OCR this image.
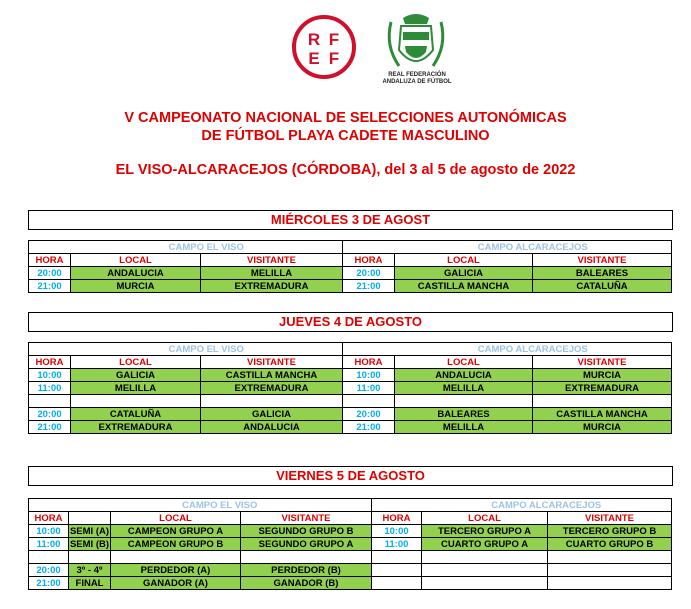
R F
E F
REAL FEDERACIÓN
ANDALUZA DE FÚTBOL
V CAMPEONATO NACIONAL DE SELECCIONES AUTONÓMICAS
DE FÚTBOL PLAYA CADETE MASCULINO
EL VISO-ALCARACEJOS (CÓRDOBA), del 3 al 5 de agosto de 2022
MIÉRCOLES 3 DE AGOST
	CAMPO EL VISO			CAMPO ALCARACEJOS	
HORA	LOCAL	VISITANTE	HORA	LOCAL	VISITANTE
20:00	ANDALUCIA	MELILLA	20:00	GALICIA	BALEARES
21:00	MURCIA	EXTREMADURA	21:00	CASTILLA MANCHA	CATALUÑA
JUEVES 4 DE AGOSTO
	CAMPO EL VISO			CAMPO ALCARACEJOS	
HORA	LOCAL	VISITANTE	HORA	LOCAL	VISITANTE
10:00	GALICIA	CASTILLA MANCHA	10:00	ANDALUCIA	MURCIA
11:00	MELILLA	EXTREMADURA	11:00	MELILLA	EXTREMADURA

20:00	CATALUÑA	GALICIA	20:00	BALEARES	CASTILLA MANCHA
21:00	EXTREMADURA	ANDALUCIA	21:00	MELILLA	MURCIA
VIERNES 5 DE AGOSTO
	CAMPO EL VISO				CAMPO ALCARACEJOS	
HORA		LOCAL	VISITANTE	HORA	LOCAL	VISITANTE
10:00	SEMI (A)	CAMPEON GRUPO A	SEGUNDO GRUPO B	10:00	TERCERO GRUPO A	TERCERO GRUPO B
11:00	SEMI (B)	CAMPEON GRUPO B	SEGUNDO GRUPO A	11:00	CUARTO GRUPO A	CUARTO GRUPO B

20:00	3º - 4º	PERDEDOR (A)	PERDEDOR (B)			
21:00	FINAL	GANADOR (A)	GANADOR (B)			
